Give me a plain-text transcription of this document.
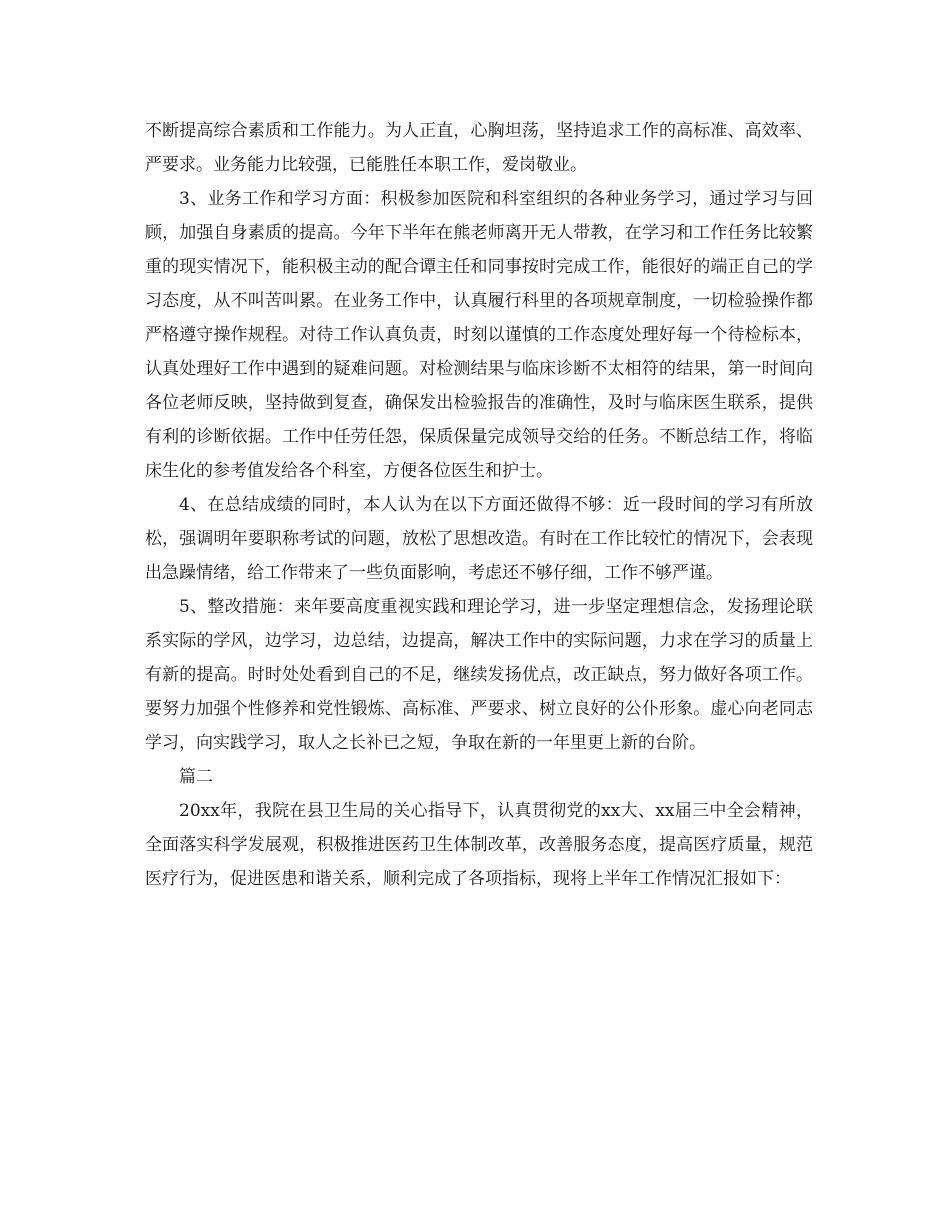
不断提高综合素质和工作能力。为人正直，心胸坦荡，坚持追求工作的高标准、高效率、严要求。业务能力比较强，已能胜任本职工作，爱岗敬业。

3、业务工作和学习方面：积极参加医院和科室组织的各种业务学习，通过学习与回顾，加强自身素质的提高。今年下半年在熊老师离开无人带教，在学习和工作任务比较繁重的现实情况下，能积极主动的配合谭主任和同事按时完成工作，能很好的端正自己的学习态度，从不叫苦叫累。在业务工作中，认真履行科里的各项规章制度，一切检验操作都严格遵守操作规程。对待工作认真负责，时刻以谨慎的工作态度处理好每一个待检标本，认真处理好工作中遇到的疑难问题。对检测结果与临床诊断不太相符的结果，第一时间向各位老师反映，坚持做到复查，确保发出检验报告的准确性，及时与临床医生联系，提供有利的诊断依据。工作中任劳任怨，保质保量完成领导交给的任务。不断总结工作，将临床生化的参考值发给各个科室，方便各位医生和护士。

4、在总结成绩的同时，本人认为在以下方面还做得不够：近一段时间的学习有所放松，强调明年要职称考试的问题，放松了思想改造。有时在工作比较忙的情况下，会表现出急躁情绪，给工作带来了一些负面影响，考虑还不够仔细，工作不够严谨。

5、整改措施：来年要高度重视实践和理论学习，进一步坚定理想信念，发扬理论联系实际的学风，边学习，边总结，边提高，解决工作中的实际问题，力求在学习的质量上有新的提高。时时处处看到自己的不足，继续发扬优点，改正缺点，努力做好各项工作。要努力加强个性修养和党性锻炼、高标准、严要求、树立良好的公仆形象。虚心向老同志学习，向实践学习，取人之长补已之短，争取在新的一年里更上新的台阶。

篇二

20xx年，我院在县卫生局的关心指导下，认真贯彻党的xx大、xx届三中全会精神，全面落实科学发展观，积极推进医药卫生体制改革，改善服务态度，提高医疗质量，规范医疗行为，促进医患和谐关系，顺利完成了各项指标，现将上半年工作情况汇报如下：
